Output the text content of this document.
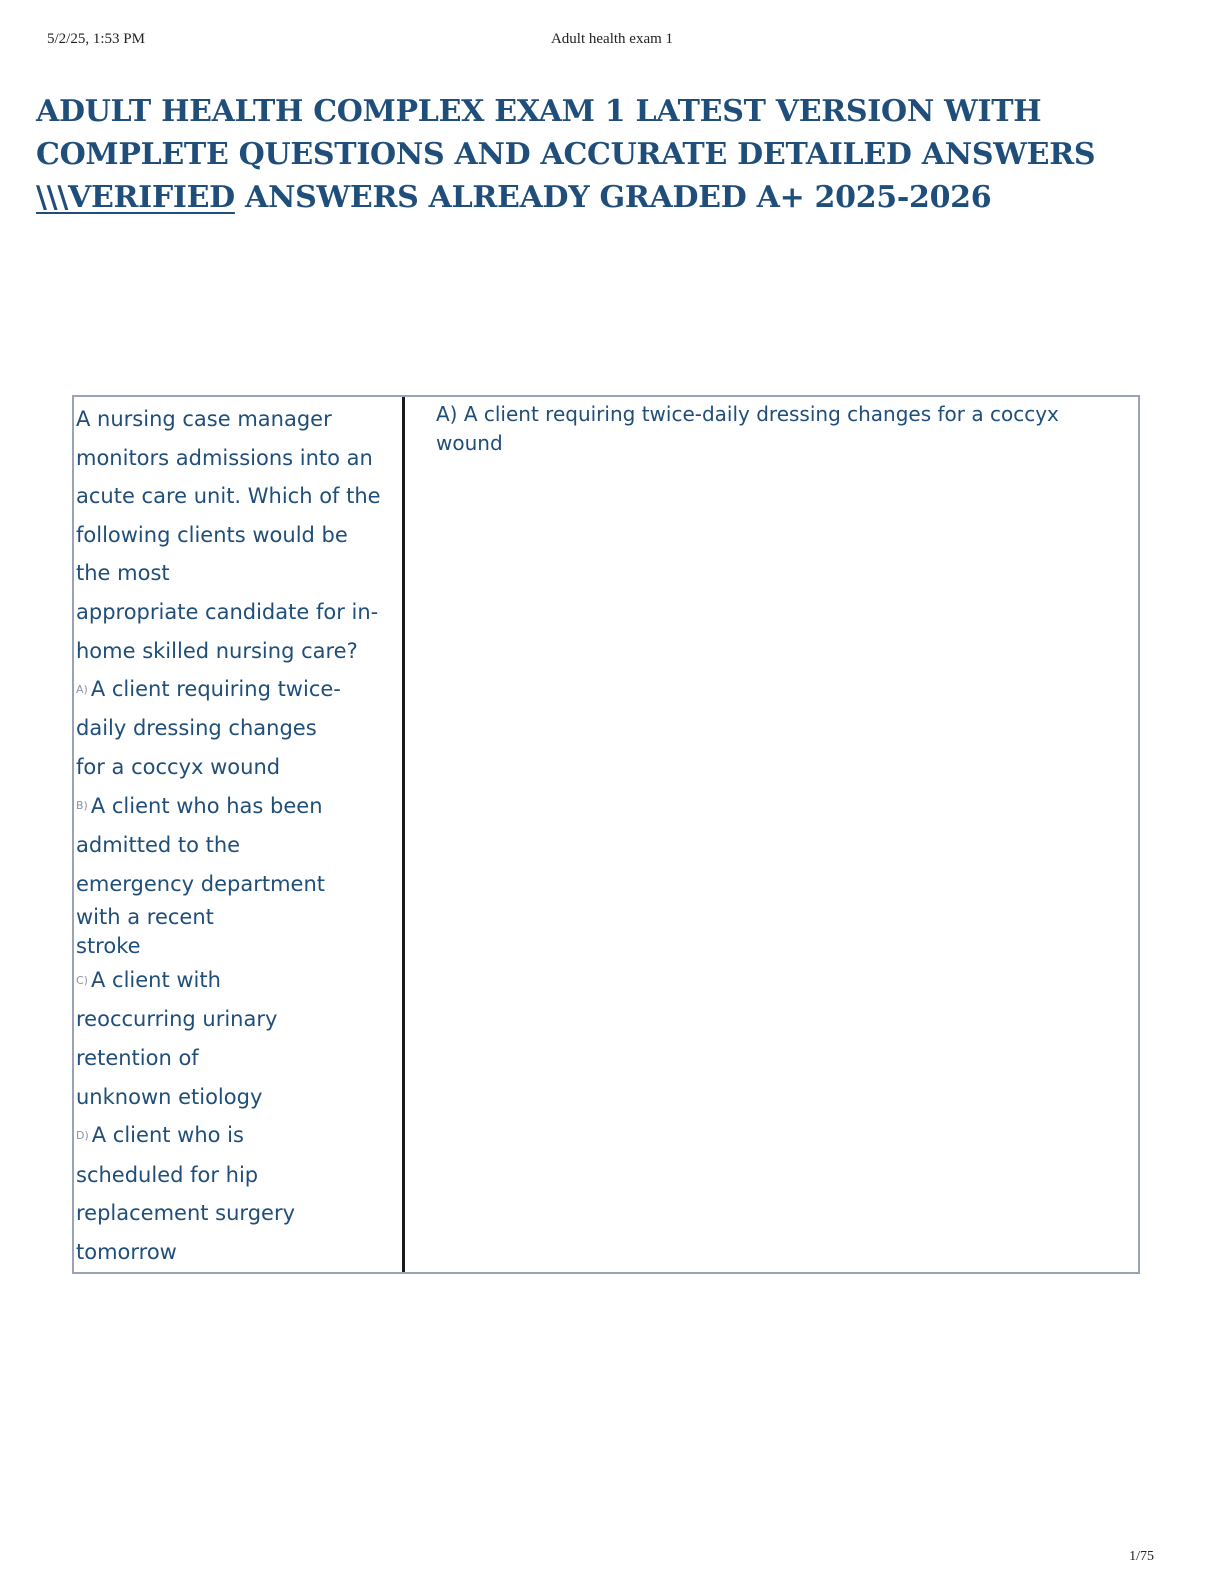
5/2/25, 1:53 PM	Adult health exam 1
ADULT HEALTH COMPLEX EXAM 1 LATEST VERSION WITH
COMPLETE QUESTIONS AND ACCURATE DETAILED ANSWERS
\\\VERIFIED ANSWERS ALREADY GRADED A+ 2025-2026
A nursing case manager
monitors admissions into an
acute care unit. Which of the
following clients would be
the most
appropriate candidate for in-
home skilled nursing care?
A) A client requiring twice-
daily dressing changes
for a coccyx wound
B) A client who has been
admitted to the
emergency department
with a recent
stroke
C) A client with
reoccurring urinary
retention of
unknown etiology
D) A client who is
scheduled for hip
replacement surgery
tomorrow
A) A client requiring twice-daily dressing changes for a coccyx wound
1/75
